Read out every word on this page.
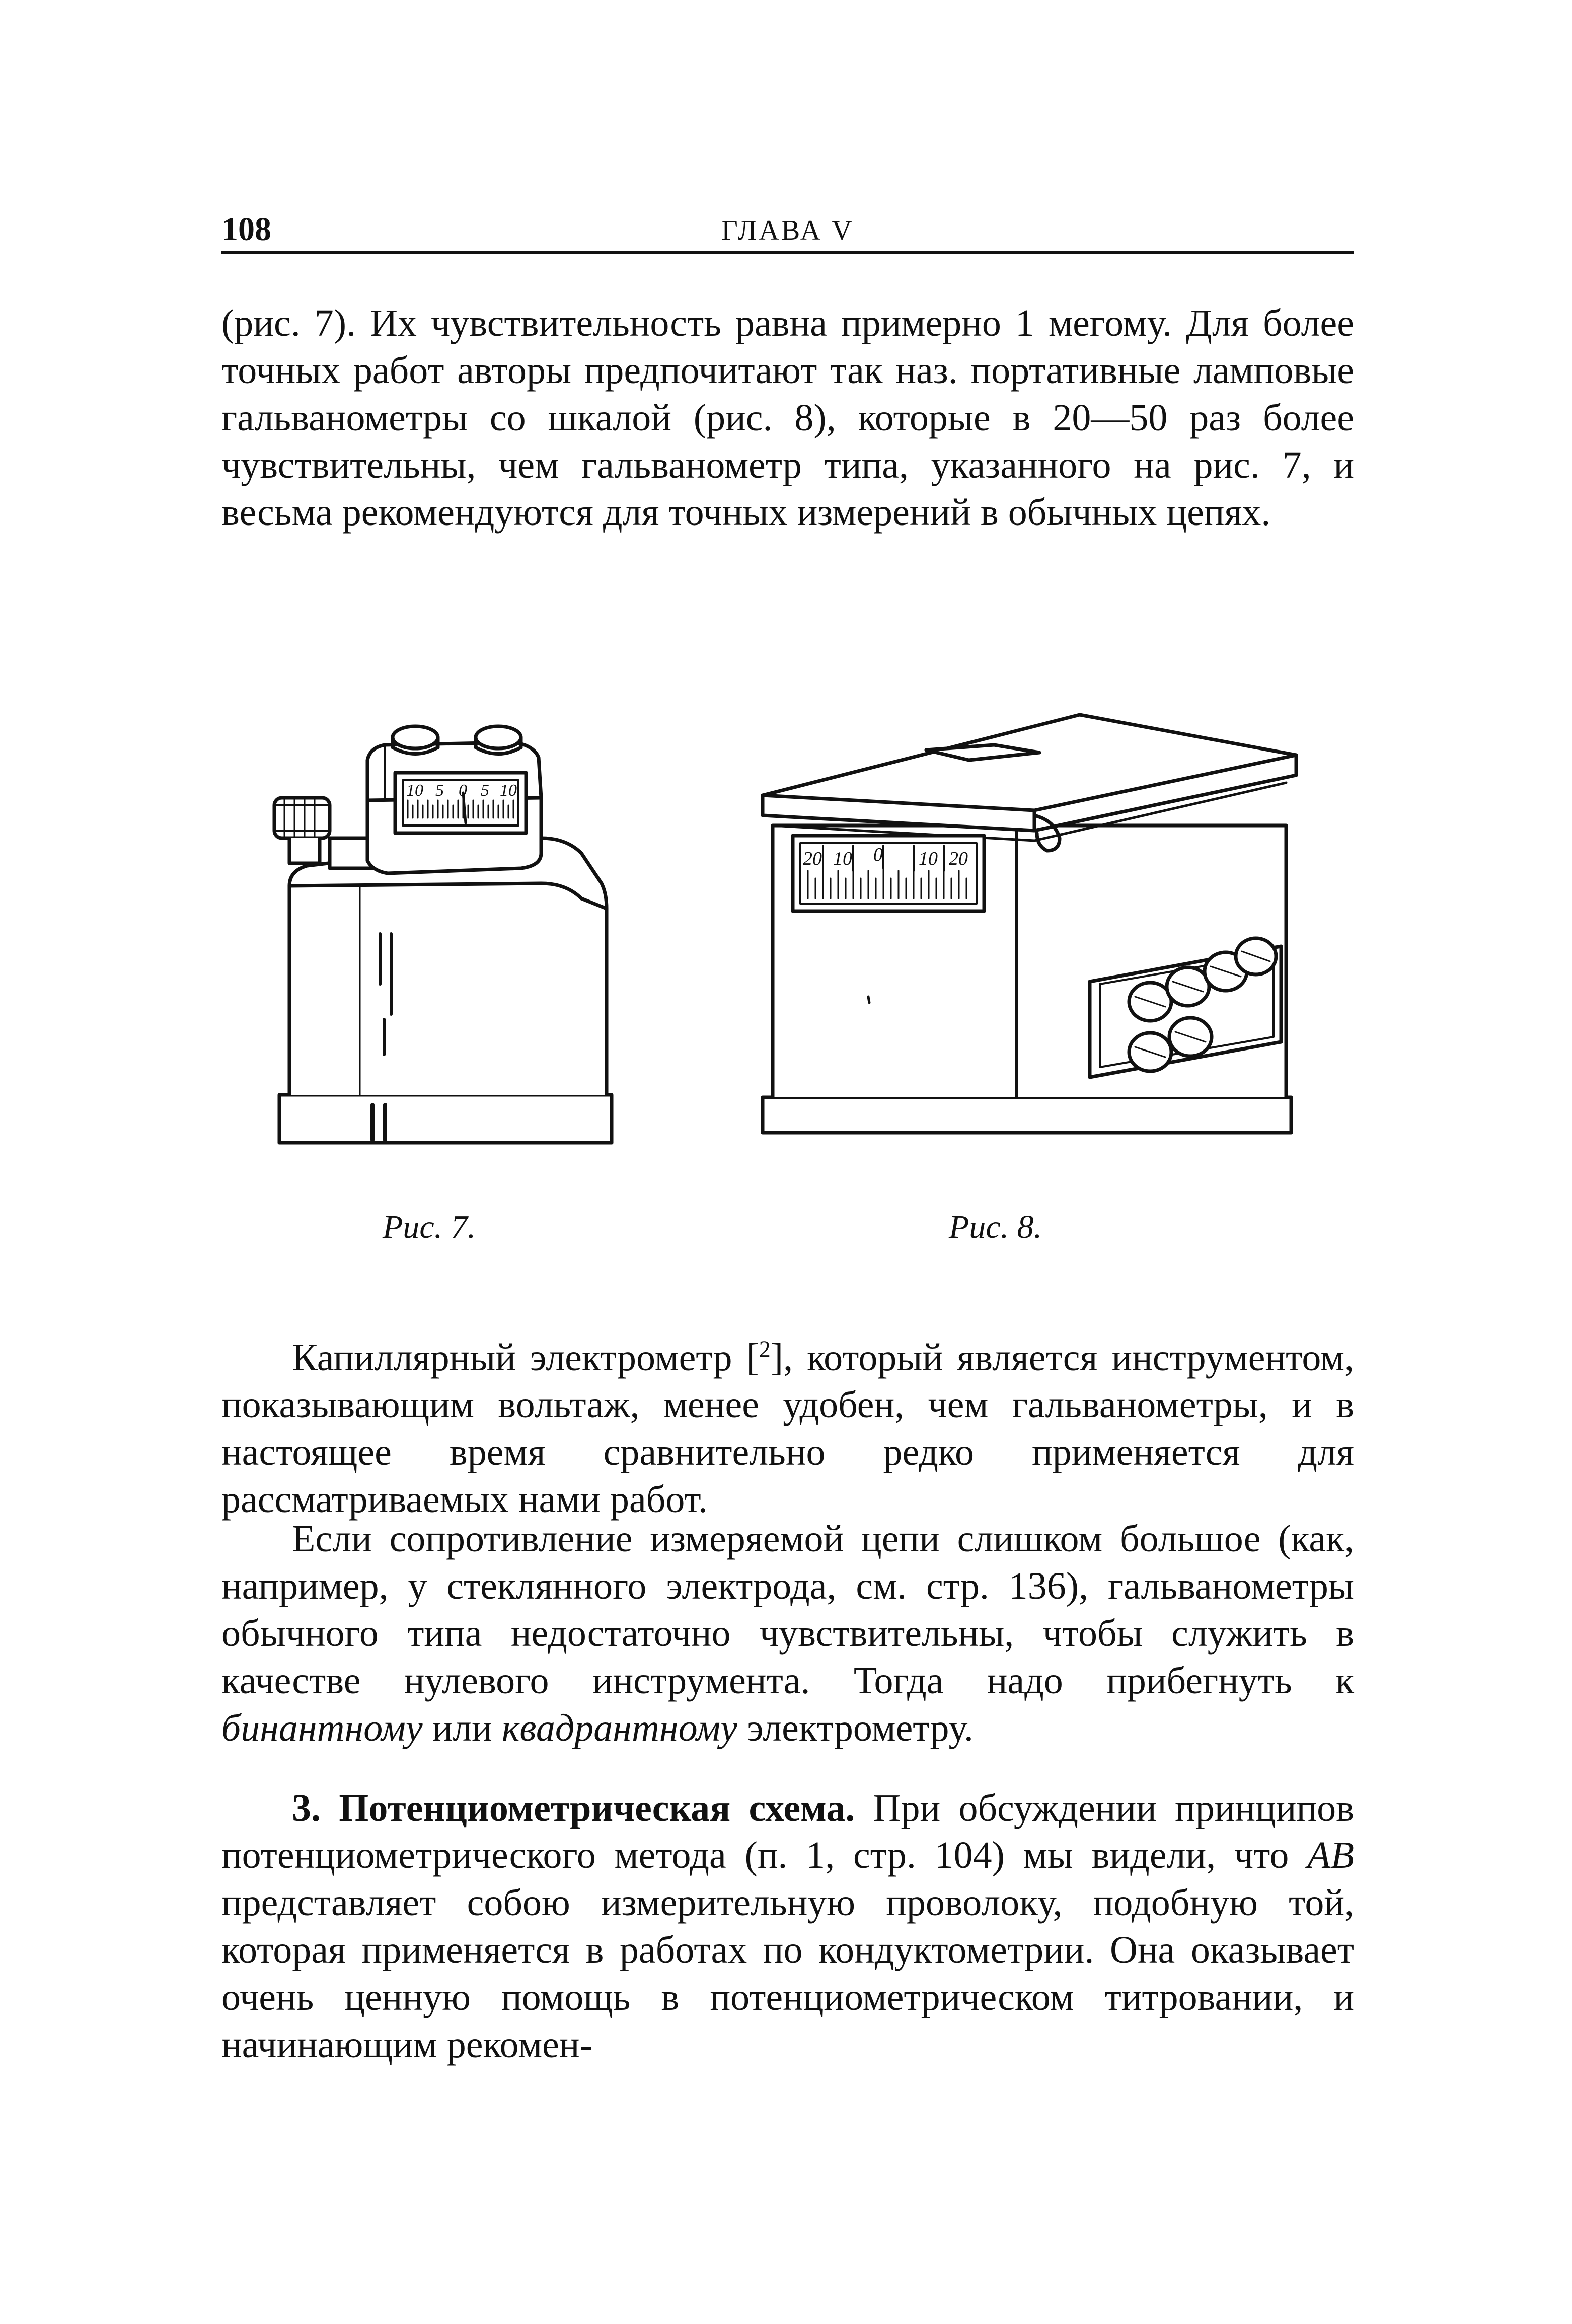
108	ГЛАВА V

(рис. 7). Их чувствительность равна примерно 1 мегому. Для более точных работ авторы предпочитают так наз. портативные ламповые гальванометры со шкалой (рис. 8), которые в 20—50 раз более чувствительны, чем гальванометр типа, указанного на рис. 7, и весьма рекомендуются для точных измерений в обычных цепях.

10 5 0 5 10
20 10 0 10 20
Рис. 7.	Рис. 8.

Капиллярный электрометр [$^2$], который является инструментом, показывающим вольтаж, менее удобен, чем гальванометры, и в настоящее время сравнительно редко применяется для рассматриваемых нами работ.

Если сопротивление измеряемой цепи слишком большое (как, например, у стеклянного электрода, см. стр. 136), гальванометры обычного типа недостаточно чувствительны, чтобы служить в качестве нулевого инструмента. Тогда надо прибегнуть к бинантному или квадрантному электрометру.

3. Потенциометрическая схема. При обсуждении принципов потенциометрического метода (п. 1, стр. 104) мы видели, что AB представляет собою измерительную проволоку, подобную той, которая применяется в работах по кондуктометрии. Она оказывает очень ценную помощь в потенциометрическом титровании, и начинающим рекомен-
